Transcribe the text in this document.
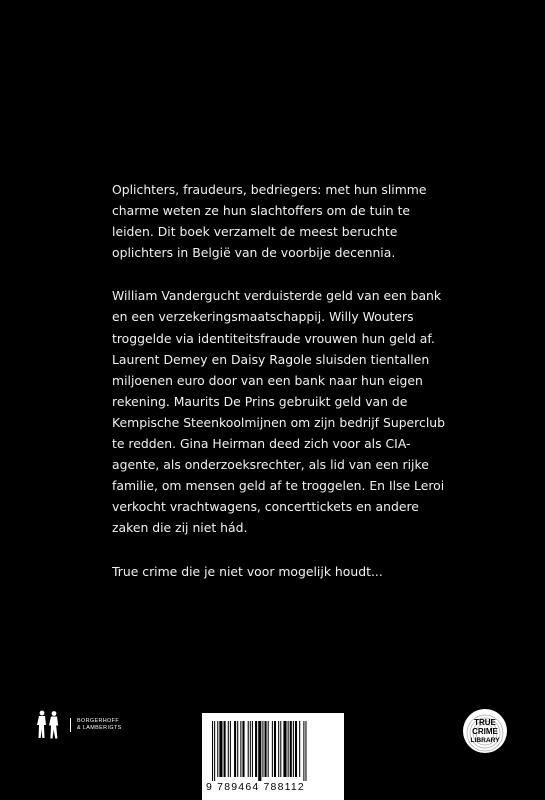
Oplichters, fraudeurs, bedriegers: met hun slimme charme weten ze hun slachtoffers om de tuin te leiden. Dit boek verzamelt de meest beruchte oplichters in België van de voorbije decennia.

William Vandergucht verduisterde geld van een bank en een verzekeringsmaatschappij. Willy Wouters troggelde via identiteitsfraude vrouwen hun geld af. Laurent Demey en Daisy Ragole sluisden tientallen miljoenen euro door van een bank naar hun eigen rekening. Maurits De Prins gebruikt geld van de Kempische Steenkoolmijnen om zijn bedrijf Superclub te redden. Gina Heirman deed zich voor als CIA-agente, als onderzoeksrechter, als lid van een rijke familie, om mensen geld af te troggelen. En Ilse Leroi verkocht vrachtwagens, concerttickets en andere zaken die zij niet hád.

True crime die je niet voor mogelijk houdt...

BORGERHOFF
& LAMBERIGTS
9 789464 788112
TRUE
CRIME
LIBRARY
